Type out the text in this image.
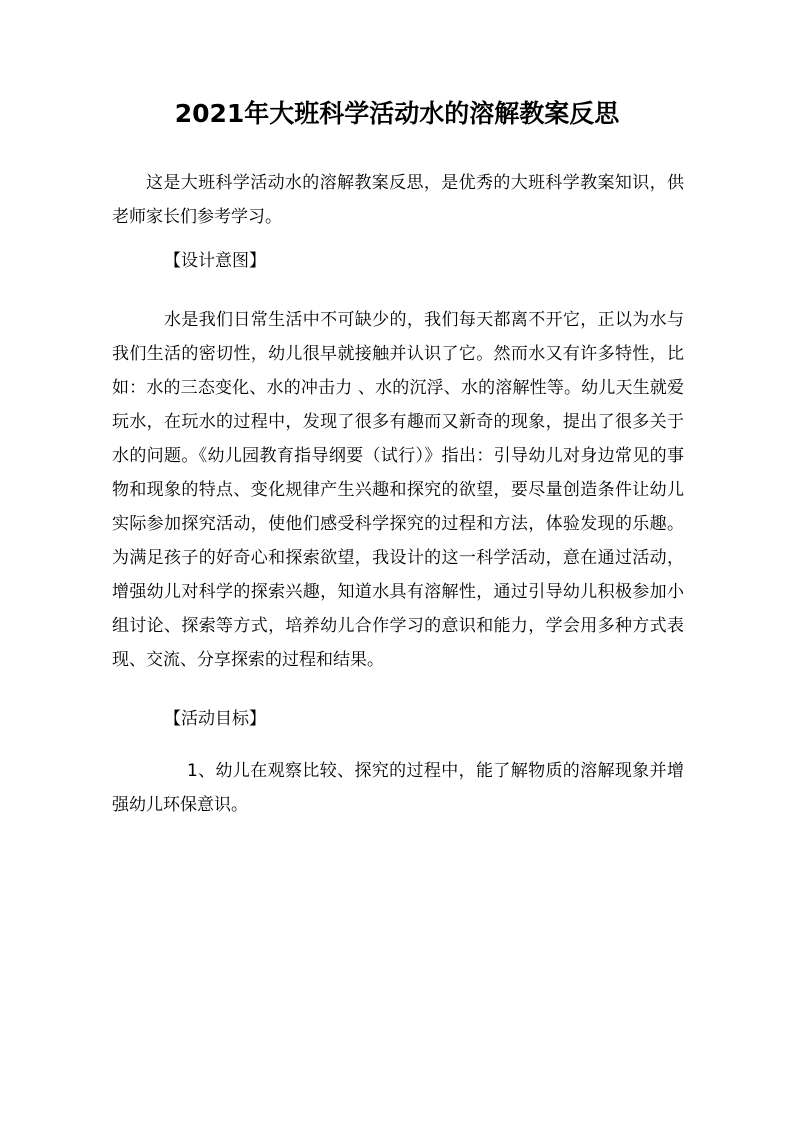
2021年大班科学活动水的溶解教案反思

这是大班科学活动水的溶解教案反思，是优秀的大班科学教案知识，供老师家长们参考学习。

【设计意图】

水是我们日常生活中不可缺少的，我们每天都离不开它，正以为水与我们生活的密切性，幼儿很早就接触并认识了它。然而水又有许多特性，比如：水的三态变化、水的冲击力 、水的沉浮、水的溶解性等。幼儿天生就爱玩水，在玩水的过程中，发现了很多有趣而又新奇的现象，提出了很多关于水的问题。《幼儿园教育指导纲要（试行）》指出：引导幼儿对身边常见的事物和现象的特点、变化规律产生兴趣和探究的欲望，要尽量创造条件让幼儿实际参加探究活动，使他们感受科学探究的过程和方法，体验发现的乐趣。为满足孩子的好奇心和探索欲望，我设计的这一科学活动，意在通过活动，增强幼儿对科学的探索兴趣，知道水具有溶解性，通过引导幼儿积极参加小组讨论、探索等方式，培养幼儿合作学习的意识和能力，学会用多种方式表现、交流、分享探索的过程和结果。

【活动目标】

1、幼儿在观察比较、探究的过程中，能了解物质的溶解现象并增强幼儿环保意识。
